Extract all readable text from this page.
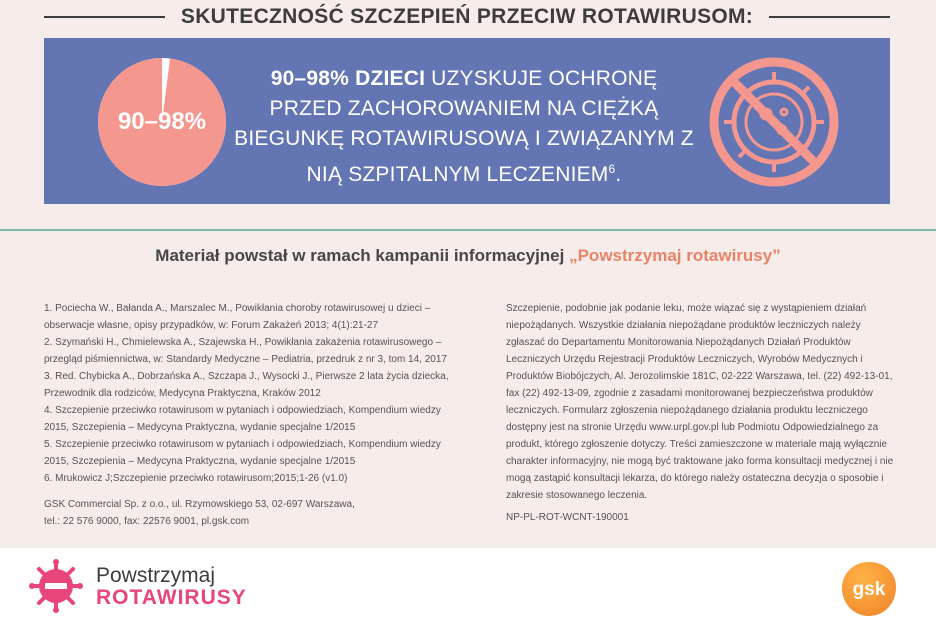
SKUTECZNOŚĆ SZCZEPIEŃ PRZECIW ROTAWIRUSOM:
90–98%
90–98% DZIECI UZYSKUJE OCHRONĘ PRZED ZACHOROWANIEM NA CIĘŻKĄ BIEGUNKĘ ROTAWIRUSOWĄ I ZWIĄZANYM Z NIĄ SZPITALNYM LECZENIEM$^6$.
Materiał powstał w ramach kampanii informacyjnej „Powstrzymaj rotawirusy”
1. Pociecha W., Bałanda A., Marszalec M., Powikłania choroby rotawirusowej u dzieci – obserwacje własne, opisy przypadków, w: Forum Zakażeń 2013; 4(1):21-27
2. Szymański H., Chmielewska A., Szajewska H., Powikłania zakażenia rotawirusowego – przegląd piśmiennictwa, w: Standardy Medyczne – Pediatria, przedruk z nr 3, tom 14, 2017
3. Red. Chybicka A., Dobrzańska A., Szczapa J., Wysocki J., Pierwsze 2 lata życia dziecka, Przewodnik dla rodziców, Medycyna Praktyczna, Kraków 2012
4. Szczepienie przeciwko rotawirusom w pytaniach i odpowiedziach, Kompendium wiedzy 2015, Szczepienia – Medycyna Praktyczna, wydanie specjalne 1/2015
5. Szczepienie przeciwko rotawirusom w pytaniach i odpowiedziach, Kompendium wiedzy 2015, Szczepienia – Medycyna Praktyczna, wydanie specjalne 1/2015
6. Mrukowicz J;Szczepienie przeciwko rotawirusom;2015;1-26 (v1.0)
GSK Commercial Sp. z o.o., ul. Rzymowskiego 53, 02-697 Warszawa,
tel.: 22 576 9000, fax: 22576 9001, pl.gsk.com
Szczepienie, podobnie jak podanie leku, może wiązać się z wystąpieniem działań niepożądanych. Wszystkie działania niepożądane produktów leczniczych należy zgłaszać do Departamentu Monitorowania Niepożądanych Działań Produktów Leczniczych Urzędu Rejestracji Produktów Leczniczych, Wyrobów Medycznych i Produktów Biobójczych, Al. Jerozolimskie 181C, 02-222 Warszawa, tel. (22) 492-13-01, fax (22) 492-13-09, zgodnie z zasadami monitorowanej bezpieczeństwa produktów leczniczych. Formularz zgłoszenia niepożądanego działania produktu leczniczego dostępny jest na stronie Urzędu www.urpl.gov.pl lub Podmiotu Odpowiedzialnego za produkt, którego zgłoszenie dotyczy. Treści zamieszczone w materiale mają wyłącznie charakter informacyjny, nie mogą być traktowane jako forma konsultacji medycznej i nie mogą zastąpić konsultacji lekarza, do którego należy ostateczna decyzja o sposobie i zakresie stosowanego leczenia.
NP-PL-ROT-WCNT-190001
Powstrzymaj
ROTAWIRUSY	gsk
